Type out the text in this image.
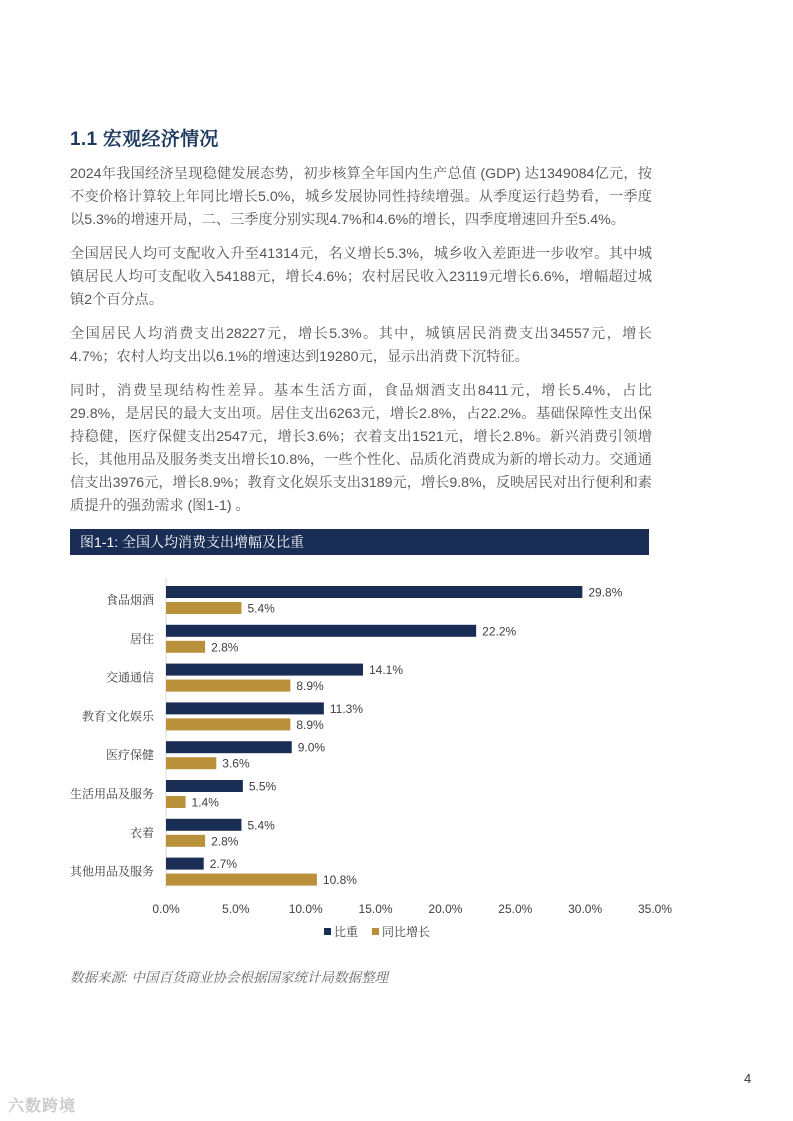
1.1 宏观经济情况

2024年我国经济呈现稳健发展态势，初步核算全年国内生产总值 (GDP) 达1349084亿元，按不变价格计算较上年同比增长5.0%，城乡发展协同性持续增强。从季度运行趋势看，一季度以5.3%的增速开局，二、三季度分别实现4.7%和4.6%的增长，四季度增速回升至5.4%。

全国居民人均可支配收入升至41314元，名义增长5.3%，城乡收入差距进一步收窄。其中城镇居民人均可支配收入54188元，增长4.6%；农村居民收入23119元增长6.6%，增幅超过城镇2个百分点。

全国居民人均消费支出28227元，增长5.3%。其中，城镇居民消费支出34557元，增长4.7%；农村人均支出以6.1%的增速达到19280元，显示出消费下沉特征。

同时，消费呈现结构性差异。基本生活方面，食品烟酒支出8411元，增长5.4%，占比29.8%，是居民的最大支出项。居住支出6263元，增长2.8%，占22.2%。基础保障性支出保持稳健，医疗保健支出2547元，增长3.6%；衣着支出1521元，增长2.8%。新兴消费引领增长，其他用品及服务类支出增长10.8%，一些个性化、品质化消费成为新的增长动力。交通通信支出3976元，增长8.9%；教育文化娱乐支出3189元，增长9.8%，反映居民对出行便利和素质提升的强劲需求 (图1-1) 。

图1-1: 全国人均消费支出增幅及比重
食品烟酒
29.8%
5.4%
居住
22.2%
2.8%
交通通信
14.1%
8.9%
教育文化娱乐
11.3%
8.9%
医疗保健
9.0%
3.6%
生活用品及服务
5.5%
1.4%
衣着
5.4%
2.8%
其他用品及服务
2.7%
10.8%
0.0%	5.0%	10.0%	15.0%	20.0%	25.0%	30.0%	35.0%
比重 同比增长

数据来源: 中国百货商业协会根据国家统计局数据整理

4
六数跨境
